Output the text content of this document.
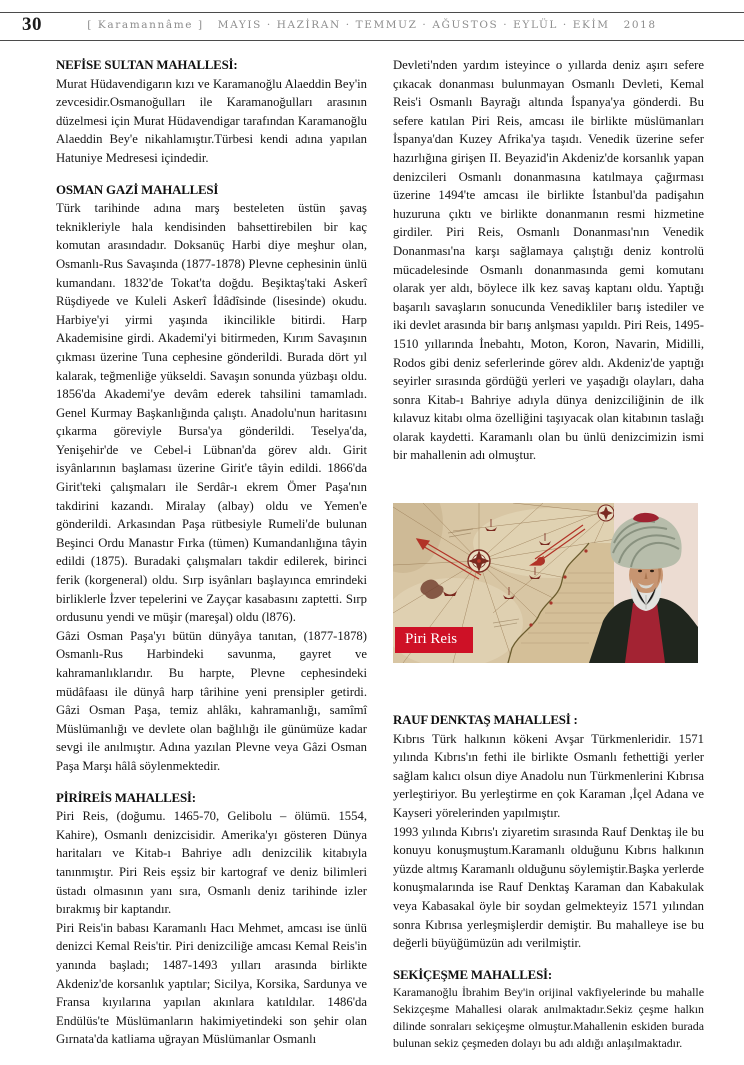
30	[ Karamannâme ] MAYIS · HAZİRAN · TEMMUZ · AĞUSTOS · EYLÜL · EKİM 2018
NEFİSE SULTAN MAHALLESİ:

Murat Hüdavendigarın kızı ve Karamanoğlu Alaeddin Bey'in zevcesidir.Osmanoğulları ile Karamanoğulları arasının düzelmesi için Murat Hüdavendigar tarafından Karamanoğlu Alaeddin Bey'e nikahlamıştır.Türbesi kendi adına yapılan Hatuniye Medresesi içindedir.

OSMAN GAZİ MAHALLESİ

Türk tarihinde adına marş besteleten üstün şavaş teknikleriyle hala kendisinden bahsettirebilen bir kaç komutan arasındadır. Doksanüç Harbi diye meşhur olan, Osmanlı-Rus Savaşında (1877-1878) Plevne cephesinin ünlü kumandanı. 1832'de Tokat'ta doğdu. Beşiktaş'taki Askerî Rüşdiyede ve Kuleli Askerî İdâdîsinde (lisesinde) okudu. Harbiye'yi yirmi yaşında ikincilikle bitirdi. Harp Akademisine girdi. Akademi'yi bitirmeden, Kırım Savaşının çıkması üzerine Tuna cephesine gönderildi. Burada dört yıl kalarak, teğmenliğe yükseldi. Savaşın sonunda yüzbaşı oldu. 1856'da Akademi'ye devâm ederek tahsilini tamamladı. Genel Kurmay Başkanlığında çalıştı. Anadolu'nun haritasını çıkarma göreviyle Bursa'ya gönderildi. Teselya'da, Yenişehir'de ve Cebel-i Lübnan'da görev aldı. Girit isyânlarının başlaması üzerine Girit'e tâyin edildi. 1866'da Girit'teki çalışmaları ile Serdâr-ı ekrem Ömer Paşa'nın takdirini kazandı. Miralay (albay) oldu ve Yemen'e gönderildi. Arkasından Paşa rütbesiyle Rumeli'de bulunan Beşinci Ordu Manastır Fırka (tümen) Kumandanlığına tâyin edildi (1875). Buradaki çalışmaları takdir edilerek, birinci ferik (korgeneral) oldu. Sırp isyânları başlayınca emrindeki birliklerle İzver tepelerini ve Zayçar kasabasını zaptetti. Sırp ordusunu yendi ve müşir (mareşal) oldu (l876).

Gâzi Osman Paşa'yı bütün dünyâya tanıtan, (1877-1878) Osmanlı-Rus Harbindeki savunma, gayret ve kahramanlıklarıdır. Bu harpte, Plevne cephesindeki müdâfaası ile dünyâ harp târihine yeni prensipler getirdi. Gâzi Osman Paşa, temiz ahlâkı, kahramanlığı, samîmî Müslümanlığı ve devlete olan bağlılığı ile günümüze kadar sevgi ile anılmıştır. Adına yazılan Plevne veya Gâzi Osman Paşa Marşı hâlâ söylenmektedir.

PİRİREİS MAHALLESİ:

Piri Reis, (doğumu. 1465-70, Gelibolu – ölümü. 1554, Kahire), Osmanlı denizcisidir. Amerika'yı gösteren Dünya haritaları ve Kitab-ı Bahriye adlı denizcilik kitabıyla tanınmıştır. Piri Reis eşsiz bir kartograf ve deniz bilimleri üstadı olmasının yanı sıra, Osmanlı deniz tarihinde izler bırakmış bir kaptandır.

Piri Reis'in babası Karamanlı Hacı Mehmet, amcası ise ünlü denizci Kemal Reis'tir. Piri denizciliğe amcası Kemal Reis'in yanında başladı; 1487-1493 yılları arasında birlikte Akdeniz'de korsanlık yaptılar; Sicilya, Korsika, Sardunya ve Fransa kıyılarına yapılan akınlara katıldılar. 1486'da Endülüs'te Müslümanların hakimiyetindeki son şehir olan Gırnata'da katliama uğrayan Müslümanlar Osmanlı

Devleti'nden yardım isteyince o yıllarda deniz aşırı sefere çıkacak donanması bulunmayan Osmanlı Devleti, Kemal Reis'i Osmanlı Bayrağı altında İspanya'ya gönderdi. Bu sefere katılan Piri Reis, amcası ile birlikte müslümanları İspanya'dan Kuzey Afrika'ya taşıdı. Venedik üzerine sefer hazırlığına girişen II. Beyazid'in Akdeniz'de korsanlık yapan denizcileri Osmanlı donanmasına katılmaya çağırması üzerine 1494'te amcası ile birlikte İstanbul'da padişahın huzuruna çıktı ve birlikte donanmanın resmi hizmetine girdiler. Piri Reis, Osmanlı Donanması'nın Venedik Donanması'na karşı sağlamaya çalıştığı deniz kontrolü mücadelesinde Osmanlı donanmasında gemi komutanı olarak yer aldı, böylece ilk kez savaş kaptanı oldu. Yaptığı başarılı savaşların sonucunda Venedikliler barış istediler ve iki devlet arasında bir barış anlşması yapıldı. Piri Reis, 1495-1510 yıllarında İnebahtı, Moton, Koron, Navarin, Midilli, Rodos gibi deniz seferlerinde görev aldı. Akdeniz'de yaptığı seyirler sırasında gördüğü yerleri ve yaşadığı olayları, daha sonra Kitab-ı Bahriye adıyla dünya denizciliğinin de ilk kılavuz kitabı olma özelliğini taşıyacak olan kitabının taslağı olarak kaydetti. Karamanlı olan bu ünlü denizcimizin ismi bir mahallenin adı olmuştur.

Piri Reis
RAUF DENKTAŞ MAHALLESİ :

Kıbrıs Türk halkının kökeni Avşar Türkmenleridir. 1571 yılında Kıbrıs'ın fethi ile birlikte Osmanlı fethettiği yerler sağlam kalıcı olsun diye Anadolu nun Türkmenlerini Kıbrısa yerleştiriyor. Bu yerleştirme en çok Karaman ,İçel Adana ve Kayseri yörelerinden yapılmıştır.

1993 yılında Kıbrıs'ı ziyaretim sırasında Rauf Denktaş ile bu konuyu konuşmuştum.Karamanlı olduğunu Kıbrıs halkının yüzde altmış Karamanlı olduğunu söylemiştir.Başka yerlerde konuşmalarında ise Rauf Denktaş Karaman dan Kabakulak veya Kabasakal öyle bir soydan gelmekteyiz 1571 yılından sonra Kıbrısa yerleşmişlerdir demiştir. Bu mahalleye ise bu değerli büyüğümüzün adı verilmiştir.

SEKİÇEŞME MAHALLESİ:

Karamanoğlu İbrahim Bey'in orijinal vakfiyelerinde bu mahalle Sekizçeşme Mahallesi olarak anılmaktadır.Sekiz çeşme halkın dilinde sonraları sekiçeşme olmuştur.Mahallenin eskiden burada bulunan sekiz çeşmeden dolayı bu adı aldığı anlaşılmaktadır.
